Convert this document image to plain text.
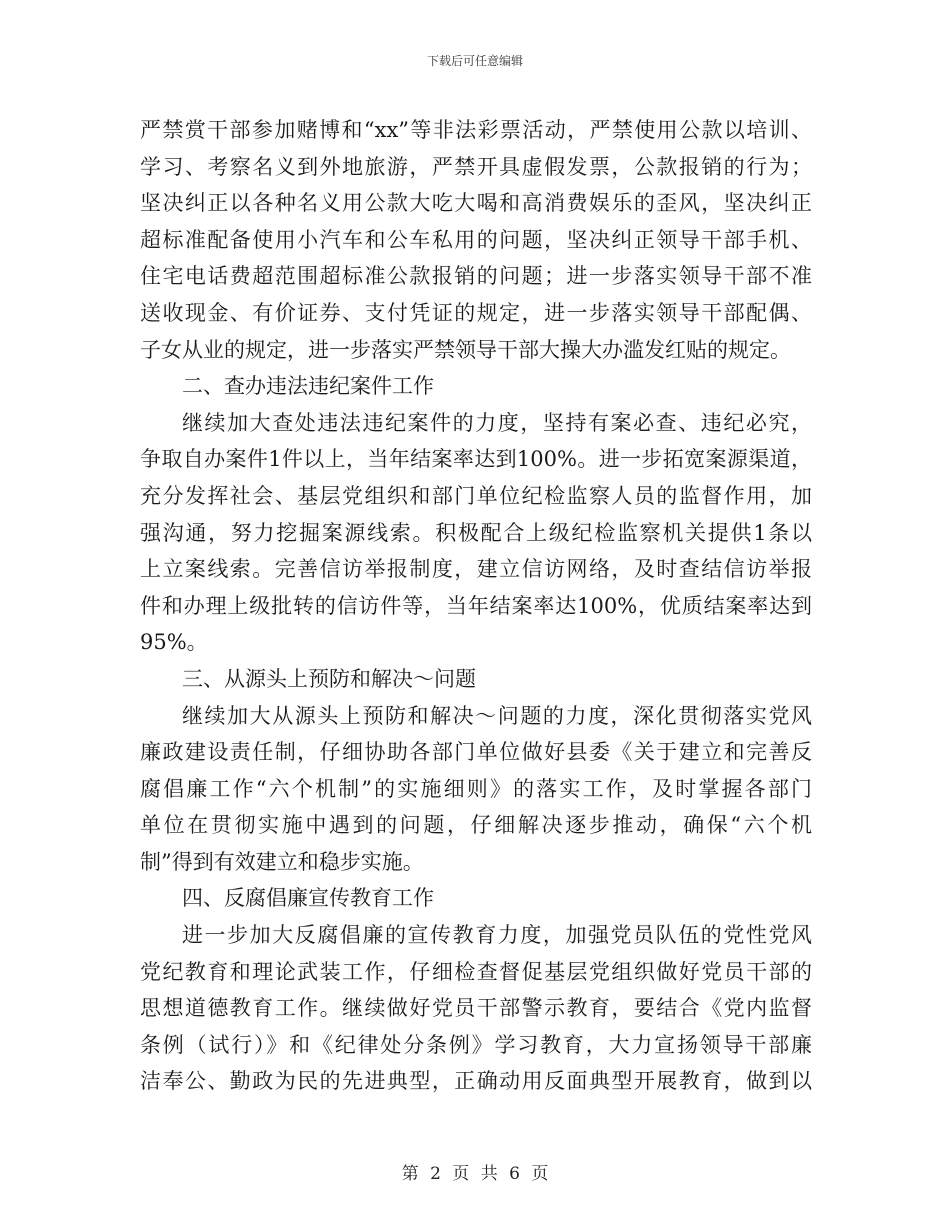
下载后可任意编辑
严禁赏干部参加赌博和“xx”等非法彩票活动，严禁使用公款以培训、
学习、考察名义到外地旅游，严禁开具虚假发票，公款报销的行为；
坚决纠正以各种名义用公款大吃大喝和高消费娱乐的歪风，坚决纠正
超标准配备使用小汽车和公车私用的问题，坚决纠正领导干部手机、
住宅电话费超范围超标准公款报销的问题；进一步落实领导干部不准
送收现金、有价证券、支付凭证的规定，进一步落实领导干部配偶、
子女从业的规定，进一步落实严禁领导干部大操大办滥发红贴的规定。
二、查办违法违纪案件工作
继续加大查处违法违纪案件的力度，坚持有案必查、违纪必究，
争取自办案件1件以上，当年结案率达到100%。进一步拓宽案源渠道，
充分发挥社会、基层党组织和部门单位纪检监察人员的监督作用，加
强沟通，努力挖掘案源线索。积极配合上级纪检监察机关提供1条以
上立案线索。完善信访举报制度，建立信访网络，及时查结信访举报
件和办理上级批转的信访件等，当年结案率达100%，优质结案率达到
95%。
三、从源头上预防和解决～问题
继续加大从源头上预防和解决～问题的力度，深化贯彻落实党风
廉政建设责任制，仔细协助各部门单位做好县委《关于建立和完善反
腐倡廉工作“六个机制”的实施细则》的落实工作，及时掌握各部门
单位在贯彻实施中遇到的问题，仔细解决逐步推动，确保“六个机
制”得到有效建立和稳步实施。
四、反腐倡廉宣传教育工作
进一步加大反腐倡廉的宣传教育力度，加强党员队伍的党性党风
党纪教育和理论武装工作，仔细检查督促基层党组织做好党员干部的
思想道德教育工作。继续做好党员干部警示教育，要结合《党内监督
条例（试行）》和《纪律处分条例》学习教育，大力宣扬领导干部廉
洁奉公、勤政为民的先进典型，正确动用反面典型开展教育，做到以
第 2 页 共 6 页
